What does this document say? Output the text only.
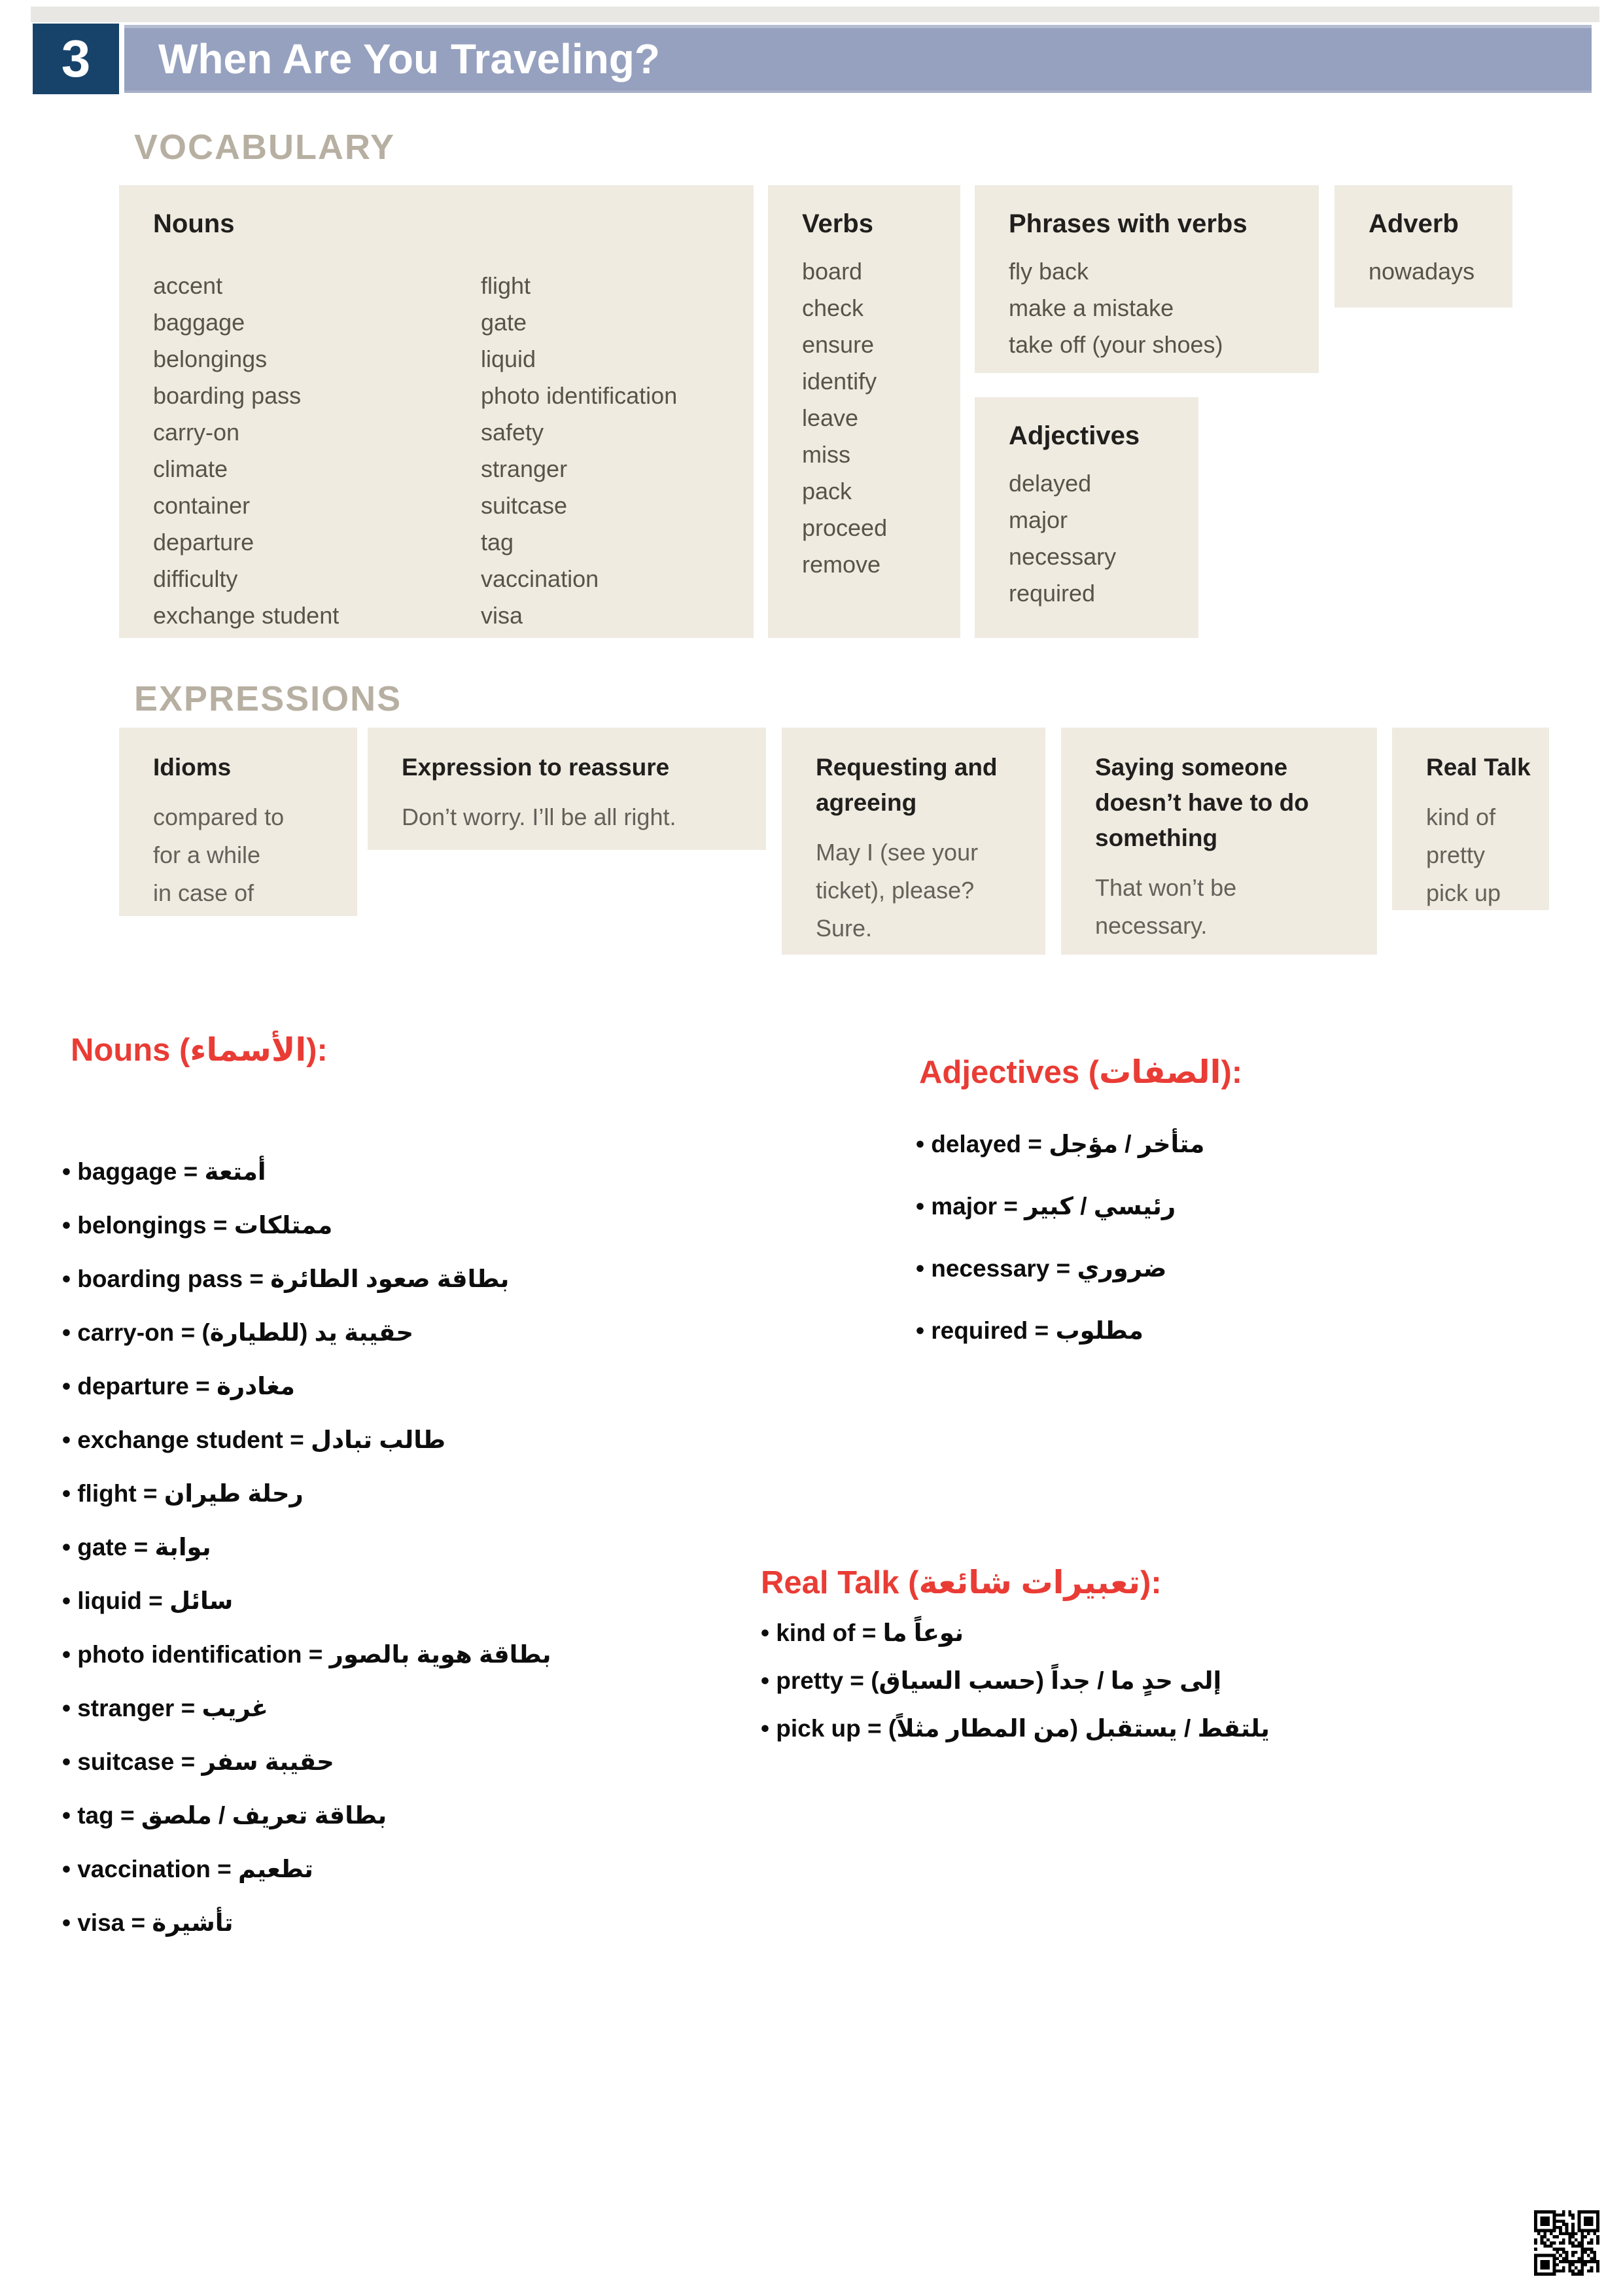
3 When Are You Traveling?
VOCABULARY
Nouns
accent
baggage
belongings
boarding pass
carry-on
climate
container
departure
difficulty
exchange student
flight
gate
liquid
photo identification
safety
stranger
suitcase
tag
vaccination
visa
Verbs
board
check
ensure
identify
leave
miss
pack
proceed
remove
Phrases with verbs
fly back
make a mistake
take off (your shoes)
Adverb
nowadays
Adjectives
delayed
major
necessary
required
EXPRESSIONS
Idioms
compared to
for a while
in case of
Expression to reassure
Don’t worry. I’ll be all right.
Requesting and agreeing
May I (see your
ticket), please?
Sure.
Saying someone doesn’t have to do something
That won’t be
necessary.
Real Talk
kind of
pretty
pick up
Nouns (الأسماء):
• baggage = أمتعة
• belongings = ممتلكات
• boarding pass = بطاقة صعود الطائرة
• carry-on = حقيبة يد (للطيارة)
• departure = مغادرة
• exchange student = طالب تبادل
• flight = رحلة طيران
• gate = بوابة
• liquid = سائل
• photo identification = بطاقة هوية بالصور
• stranger = غريب
• suitcase = حقيبة سفر
• tag = بطاقة تعريف / ملصق
• vaccination = تطعيم
• visa = تأشيرة
Adjectives (الصفات):
• delayed = متأخر / مؤجل
• major = رئيسي / كبير
• necessary = ضروري
• required = مطلوب
Real Talk (تعبيرات شائعة):
• kind of = نوعاً ما
• pretty = إلى حدٍ ما / جداً (حسب السياق)
• pick up = يلتقط / يستقبل (من المطار مثلاً)
